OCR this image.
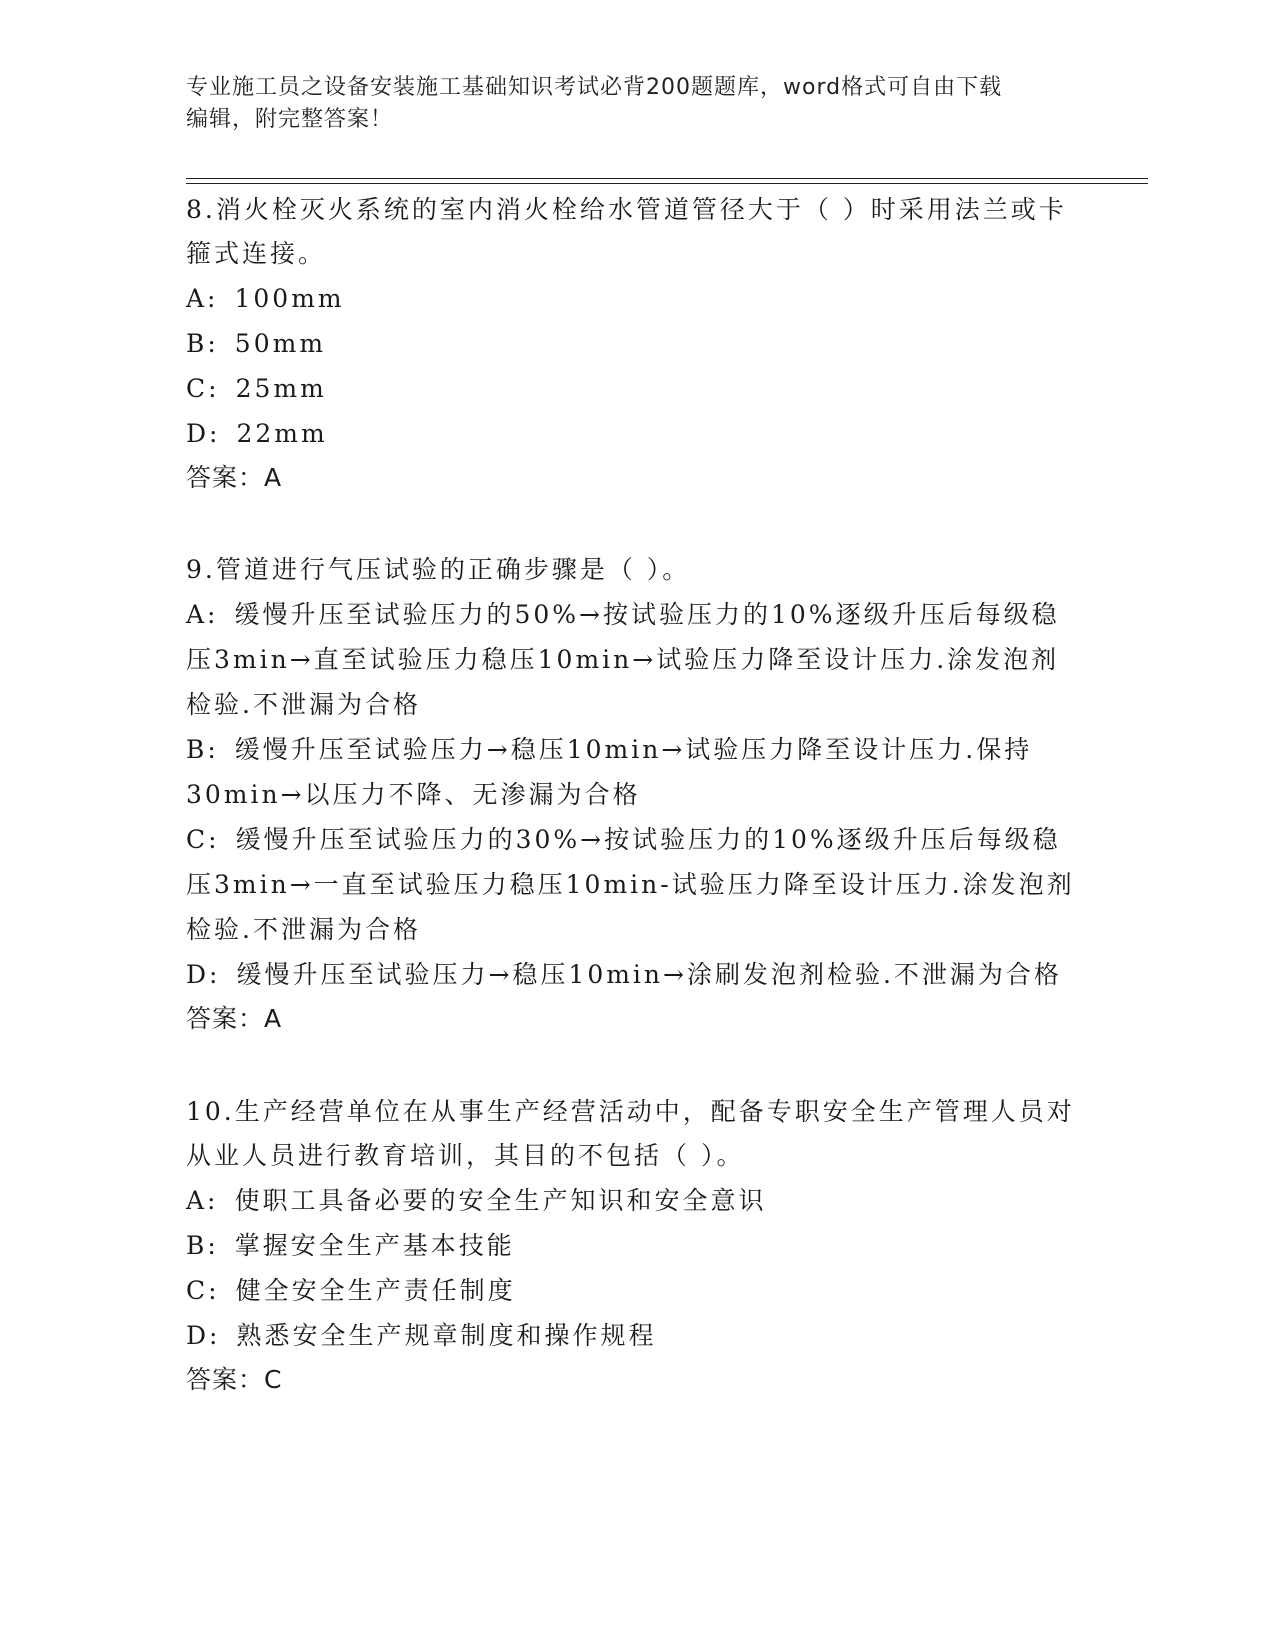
专业施工员之设备安装施工基础知识考试必背200题题库，word格式可自由下载
编辑，附完整答案！

8.消火栓灭火系统的室内消火栓给水管道管径大于（ ）时采用法兰或卡箍式连接。

A: 100mm

B: 50mm

C: 25mm

D: 22mm

答案：A

9.管道进行气压试验的正确步骤是（ ）。

A: 缓慢升压至试验压力的50%→按试验压力的10%逐级升压后每级稳压3min→直至试验压力稳压10min→试验压力降至设计压力.涂发泡剂检验.不泄漏为合格

B: 缓慢升压至试验压力→稳压10min→试验压力降至设计压力.保持30min→以压力不降、无渗漏为合格

C: 缓慢升压至试验压力的30%→按试验压力的10%逐级升压后每级稳压3min→一直至试验压力稳压10min-试验压力降至设计压力.涂发泡剂检验.不泄漏为合格

D: 缓慢升压至试验压力→稳压10min→涂刷发泡剂检验.不泄漏为合格

答案：A

10.生产经营单位在从事生产经营活动中，配备专职安全生产管理人员对从业人员进行教育培训，其目的不包括（ ）。

A: 使职工具备必要的安全生产知识和安全意识

B: 掌握安全生产基本技能

C: 健全安全生产责任制度

D: 熟悉安全生产规章制度和操作规程

答案：C
